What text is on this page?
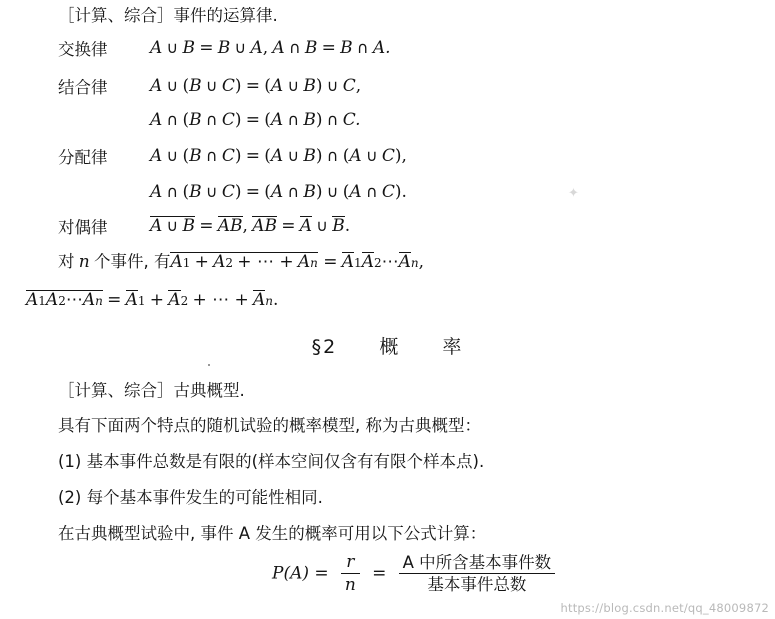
［计算、综合］事件的运算律.
交换律	A ∪ B = B ∪ A, A ∩ B = B ∩ A.
结合律	A ∪ (B ∪ C) = (A ∪ B) ∪ C,
A ∩ (B ∩ C) = (A ∩ B) ∩ C.
分配律	A ∪ (B ∩ C) = (A ∪ B) ∩ (A ∪ C),
A ∩ (B ∪ C) = (A ∩ B) ∪ (A ∩ C).
对偶律	A ∪ B = AB, AB = A ∪ B.
对 n 个事件, 有A1 + A2 + ⋯ + An = A1A2⋯An,
A1A2⋯An = A1 + A2 + ⋯ + An.
§2 概　　率
✦
［计算、综合］古典概型.
具有下面两个特点的随机试验的概率模型, 称为古典概型：
(1) 基本事件总数是有限的(样本空间仅含有有限个样本点).
(2) 每个基本事件发生的可能性相同.
在古典概型试验中, 事件 A 发生的概率可用以下公式计算：
$P(A) = \frac{r}{n} = \frac{\text{A 中所含基本事件数}}{\text{基本事件总数}}$
https://blog.csdn.net/qq_48009872
